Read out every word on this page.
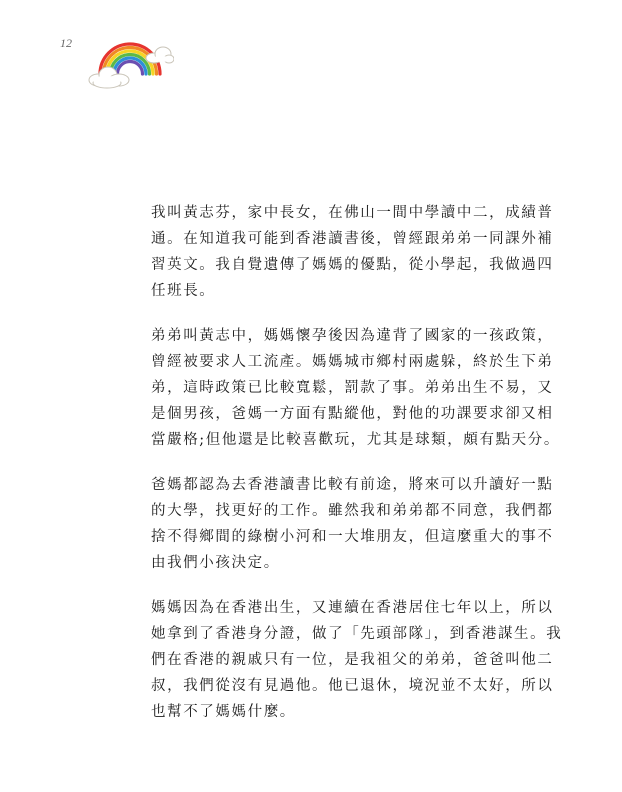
12

我叫黃志芬，家中長女，在佛山一間中學讀中二，成績普
通。在知道我可能到香港讀書後，曾經跟弟弟一同課外補
習英文。我自覺遺傳了媽媽的優點，從小學起，我做過四
任班長。

弟弟叫黃志中，媽媽懷孕後因為違背了國家的一孩政策，
曾經被要求人工流產。媽媽城市鄉村兩處躲，終於生下弟
弟，這時政策已比較寬鬆，罰款了事。弟弟出生不易，又
是個男孩，爸媽一方面有點縱他，對他的功課要求卻又相
當嚴格;但他還是比較喜歡玩，尤其是球類，頗有點天分。

爸媽都認為去香港讀書比較有前途，將來可以升讀好一點
的大學，找更好的工作。雖然我和弟弟都不同意，我們都
捨不得鄉間的綠樹小河和一大堆朋友，但這麼重大的事不
由我們小孩決定。

媽媽因為在香港出生，又連續在香港居住七年以上，所以
她拿到了香港身分證，做了「先頭部隊」，到香港謀生。我
們在香港的親戚只有一位，是我祖父的弟弟，爸爸叫他二
叔，我們從沒有見過他。他已退休，境況並不太好，所以
也幫不了媽媽什麼。
